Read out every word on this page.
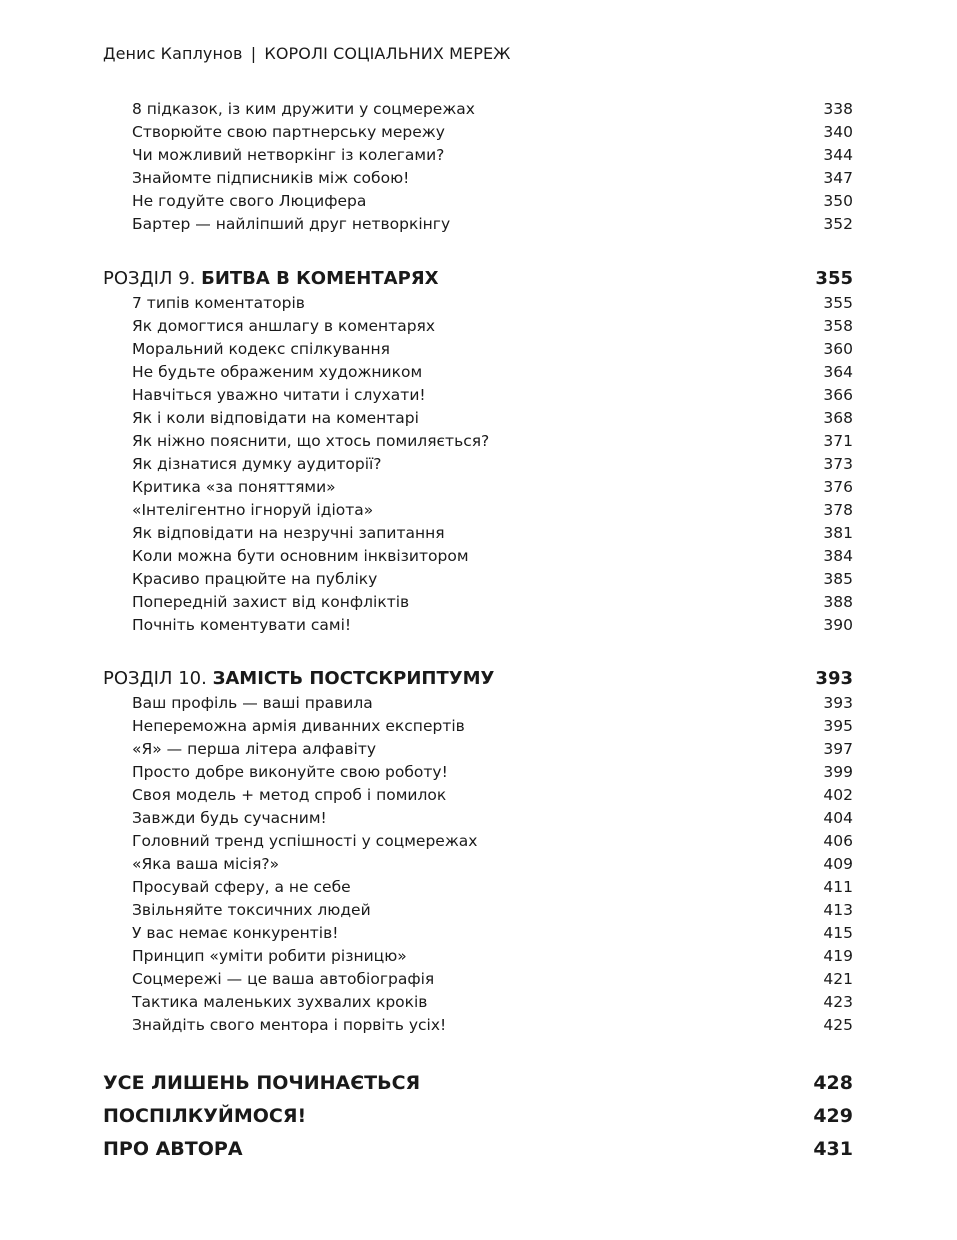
Денис Каплунов | КОРОЛІ СОЦІАЛЬНИХ МЕРЕЖ
8 підказок, із ким дружити у соцмережах	338
Створюйте свою партнерську мережу	340
Чи можливий нетворкінг із колегами?	344
Знайомте підписників між собою!	347
Не годуйте свого Люцифера	350
Бартер — найліпший друг нетворкінгу	352
РОЗДІЛ 9. БИТВА В КОМЕНТАРЯХ	355
7 типів коментаторів	355
Як домогтися аншлагу в коментарях	358
Моральний кодекс спілкування	360
Не будьте ображеним художником	364
Навчіться уважно читати і слухати!	366
Як і коли відповідати на коментарі	368
Як ніжно пояснити, що хтось помиляється?	371
Як дізнатися думку аудиторії?	373
Критика «за поняттями»	376
«Інтелігентно ігноруй ідіота»	378
Як відповідати на незручні запитання	381
Коли можна бути основним інквізитором	384
Красиво працюйте на публіку	385
Попередній захист від конфліктів	388
Почніть коментувати самі!	390
РОЗДІЛ 10. ЗАМІСТЬ ПОСТСКРИПТУМУ	393
Ваш профіль — ваші правила	393
Непереможна армія диванних експертів	395
«Я» — перша літера алфавіту	397
Просто добре виконуйте свою роботу!	399
Своя модель + метод спроб і помилок	402
Завжди будь сучасним!	404
Головний тренд успішності у соцмережах	406
«Яка ваша місія?»	409
Просувай сферу, а не себе	411
Звільняйте токсичних людей	413
У вас немає конкурентів!	415
Принцип «уміти робити різницю»	419
Соцмережі — це ваша автобіографія	421
Тактика маленьких зухвалих кроків	423
Знайдіть свого ментора і порвіть усіх!	425
УСЕ ЛИШЕНЬ ПОЧИНАЄТЬСЯ	428
ПОСПІЛКУЙМОСЯ!	429
ПРО АВТОРА	431
